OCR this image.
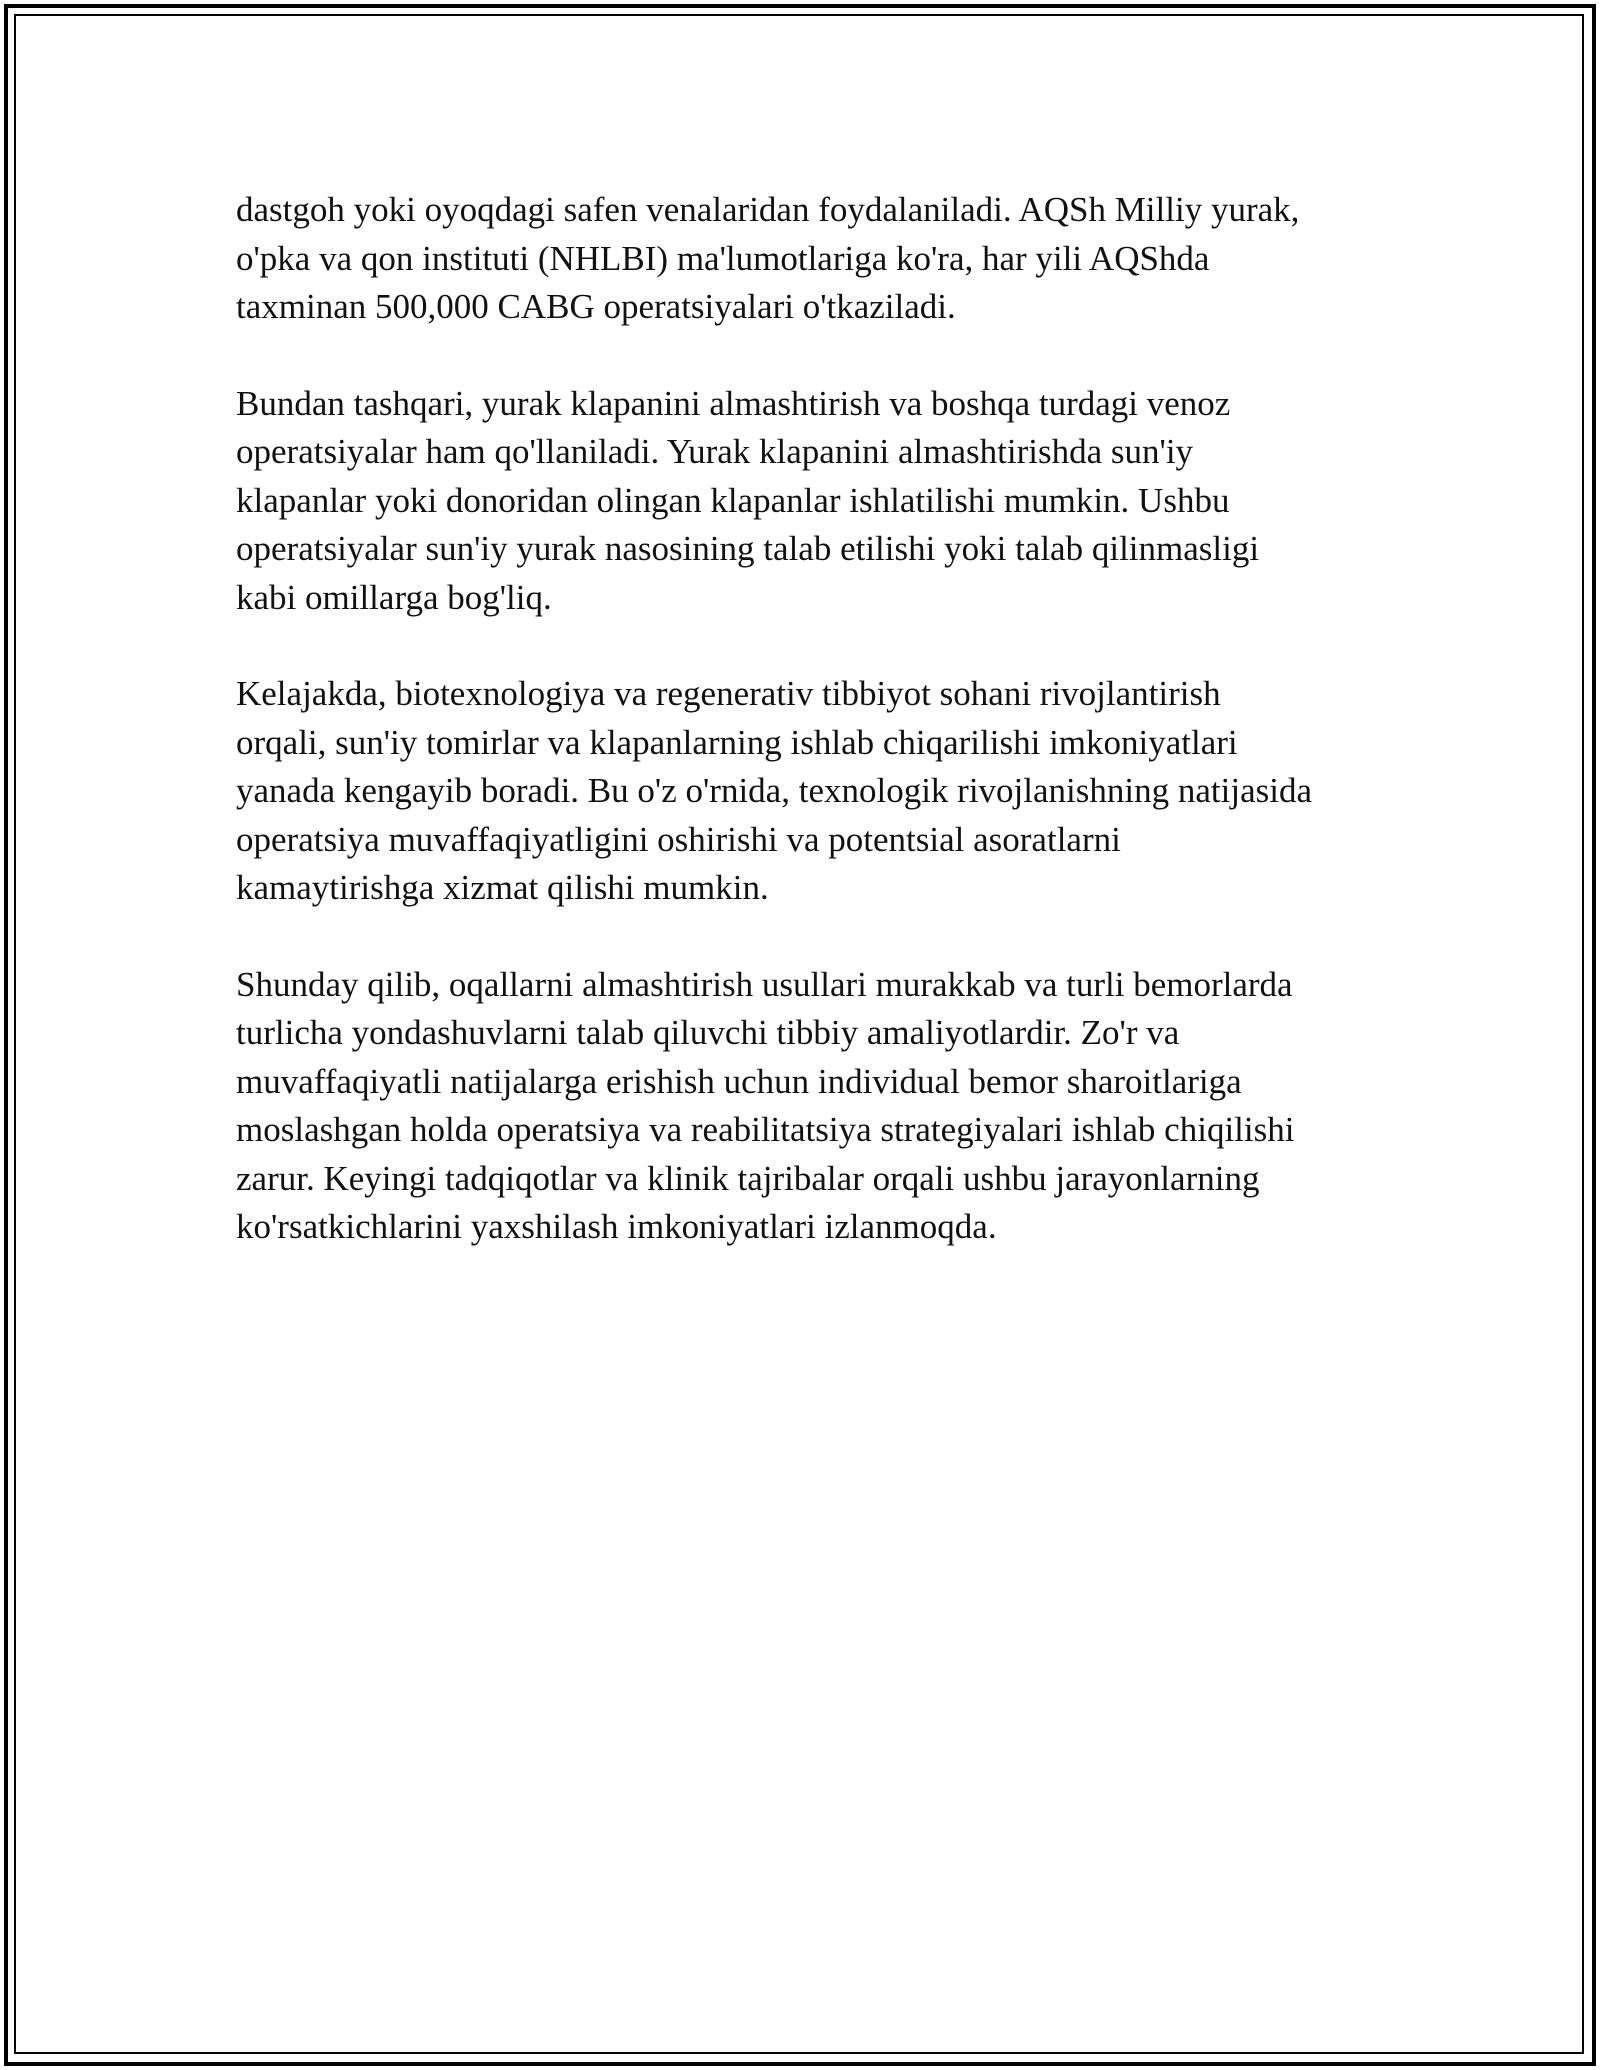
dastgoh yoki oyoqdagi safen venalaridan foydalaniladi. AQSh Milliy yurak,
o'pka va qon instituti (NHLBI) ma'lumotlariga ko'ra, har yili AQShda
taxminan 500,000 CABG operatsiyalari o'tkaziladi.

Bundan tashqari, yurak klapanini almashtirish va boshqa turdagi venoz
operatsiyalar ham qo'llaniladi. Yurak klapanini almashtirishda sun'iy
klapanlar yoki donoridan olingan klapanlar ishlatilishi mumkin. Ushbu
operatsiyalar sun'iy yurak nasosining talab etilishi yoki talab qilinmasligi
kabi omillarga bog'liq.

Kelajakda, biotexnologiya va regenerativ tibbiyot sohani rivojlantirish
orqali, sun'iy tomirlar va klapanlarning ishlab chiqarilishi imkoniyatlari
yanada kengayib boradi. Bu o'z o'rnida, texnologik rivojlanishning natijasida
operatsiya muvaffaqiyatligini oshirishi va potentsial asoratlarni
kamaytirishga xizmat qilishi mumkin.

Shunday qilib, oqallarni almashtirish usullari murakkab va turli bemorlarda
turlicha yondashuvlarni talab qiluvchi tibbiy amaliyotlardir. Zo'r va
muvaffaqiyatli natijalarga erishish uchun individual bemor sharoitlariga
moslashgan holda operatsiya va reabilitatsiya strategiyalari ishlab chiqilishi
zarur. Keyingi tadqiqotlar va klinik tajribalar orqali ushbu jarayonlarning
ko'rsatkichlarini yaxshilash imkoniyatlari izlanmoqda.
